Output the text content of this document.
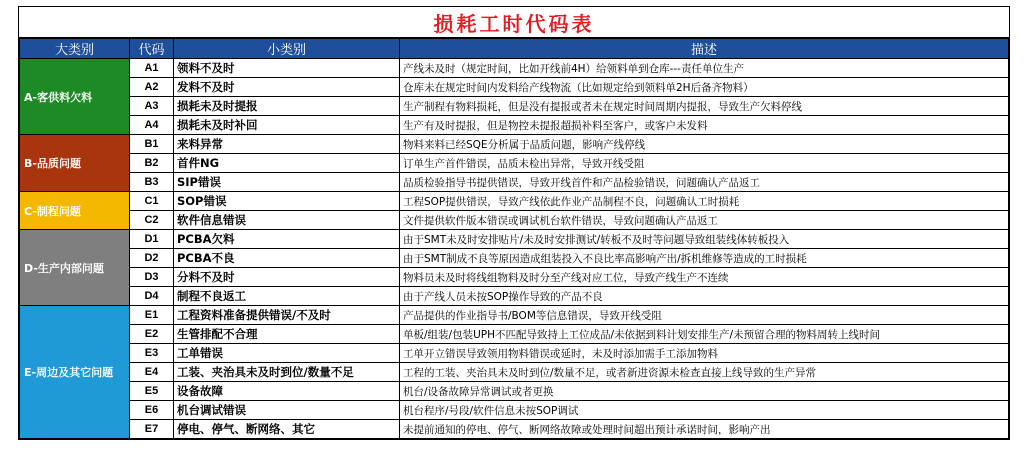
损耗工时代码表
大类别	代码	小类别	描述
A-客供料欠料	A1	领料不及时	产线未及时（规定时间，比如开线前4H）给领料单到仓库---责任单位生产
	A2	发料不及时	仓库未在规定时间内发料给产线物流（比如规定给到领料单2H后备齐物料）
	A3	损耗未及时提报	生产制程有物料损耗，但是没有提报或者未在规定时间周期内提报，导致生产欠料停线
	A4	损耗未及时补回	生产有及时提报，但是物控未提报超损补料至客户，或客户未发料
B-品质问题	B1	来料异常	物料来料已经SQE分析属于品质问题，影响产线停线
	B2	首件NG	订单生产首件错误，品质未检出异常，导致开线受阻
	B3	SIP错误	品质检验指导书提供错误，导致开线首件和产品检验错误，问题确认产品返工
C-制程问题	C1	SOP错误	工程SOP提供错误，导致产线依此作业产品制程不良，问题确认工时损耗
	C2	软件信息错误	文件提供软件版本错误或调试机台软件错误，导致问题确认产品返工
D-生产内部问题	D1	PCBA欠料	由于SMT未及时安排贴片/未及时安排测试/转板不及时等问题导致组装线体转板投入
	D2	PCBA不良	由于SMT制成不良等原因造成组装投入不良比率高影响产出/拆机维修等造成的工时损耗
	D3	分料不及时	物料员未及时将线组物料及时分至产线对应工位，导致产线生产不连续
	D4	制程不良返工	由于产线人员未按SOP操作导致的产品不良
E-周边及其它问题	E1	工程资料准备提供错误/不及时	产品提供的作业指导书/BOM等信息错误，导致开线受阻
	E2	生管排配不合理	单板/组装/包装UPH不匹配导致持上工位成品/未依据到料计划安排生产/未预留合理的物料周转上线时间
	E3	工单错误	工单开立错误导致领用物料错误或延时，未及时添加需手工添加物料
	E4	工装、夹治具未及时到位/数量不足	工程的工装、夹治具未及时到位/数量不足，或者新进资源未检查直接上线导致的生产异常
	E5	设备故障	机台/设备故障异常调试或者更换
	E6	机台调试错误	机台程序/号段/软件信息未按SOP调试
	E7	停电、停气、断网络、其它	未提前通知的停电、停气、断网络故障或处理时间超出预计承诺时间，影响产出
